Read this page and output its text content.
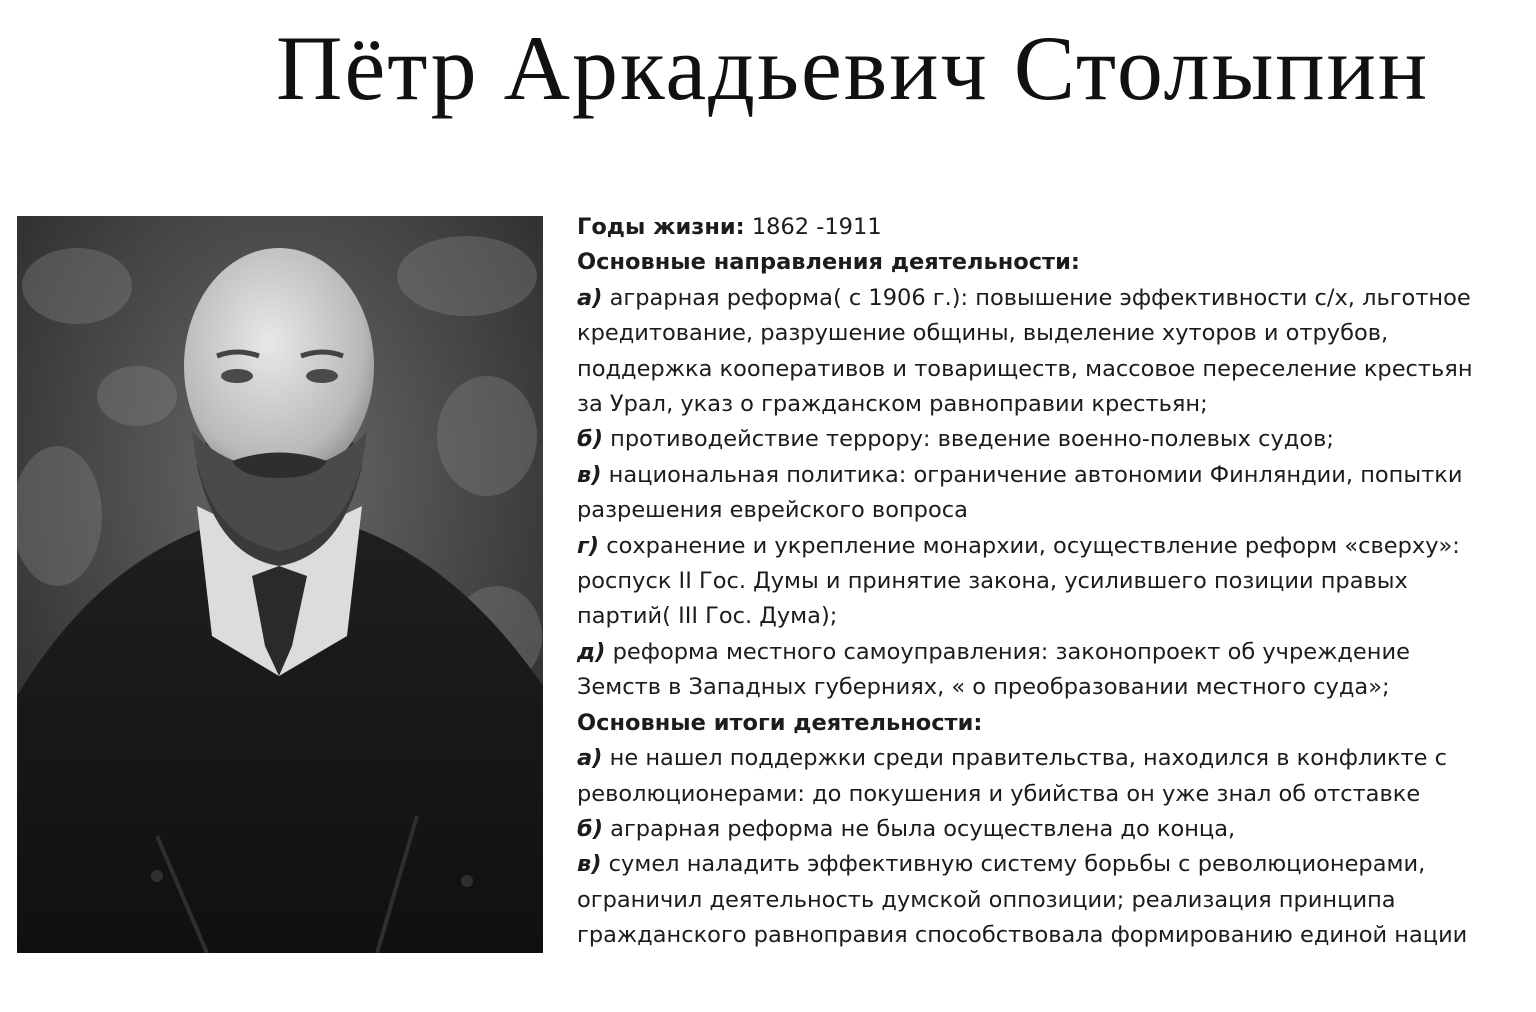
Пётр Аркадьевич Столыпин

Годы жизни: 1862 -1911

Основные направления деятельности:

а) аграрная реформа( с 1906 г.): повышение эффективности с/х, льготное

кредитование, разрушение общины, выделение хуторов и отрубов,

поддержка кооперативов и товариществ, массовое переселение крестьян

за Урал, указ о гражданском равноправии крестьян;

б) противодействие террору: введение военно-полевых судов;

в) национальная политика: ограничение автономии Финляндии, попытки

разрешения еврейского вопроса

г) сохранение и укрепление монархии, осуществление реформ «сверху»:

роспуск II Гос. Думы и принятие закона, усилившего позиции правых

партий( III Гос. Дума);

д) реформа местного самоуправления: законопроект об учреждение

Земств в Западных губерниях, « о преобразовании местного суда»;

Основные итоги деятельности:

а) не нашел поддержки среди правительства, находился в конфликте с

революционерами: до покушения и убийства он уже знал об отставке

б) аграрная реформа не была осуществлена до конца,

в) сумел наладить эффективную систему борьбы с революционерами,

ограничил деятельность думской оппозиции; реализация принципа

гражданского равноправия способствовала формированию единой нации
